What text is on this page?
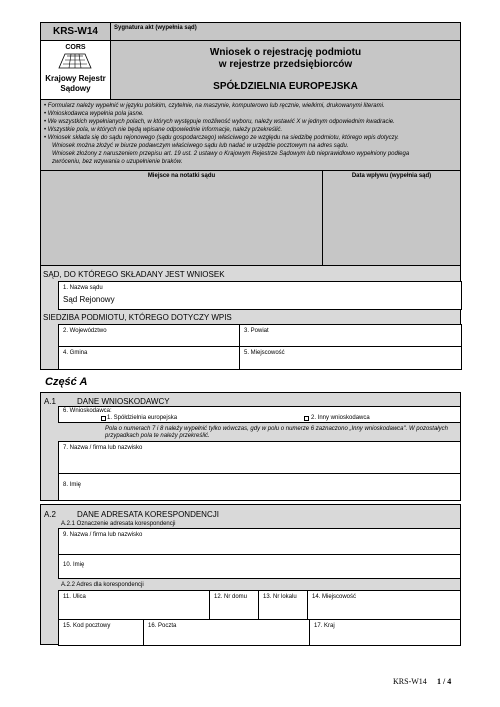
KRS-W14	Sygnatura akt (wypełnia sąd)
CORS
Krajowy Rejestr
Sądowy
Wniosek o rejestrację podmiotu
w rejestrze przedsiębiorców
SPÓŁDZIELNIA EUROPEJSKA
• Formularz należy wypełnić w języku polskim, czytelnie, na maszynie, komputerowo lub ręcznie, wielkimi, drukowanymi literami.
• Wnioskodawca wypełnia pola jasne.
• We wszystkich wypełnianych polach, w których występuje możliwość wyboru, należy wstawić X w jednym odpowiednim kwadracie.
• Wszystkie pola, w których nie będą wpisane odpowiednie informacje, należy przekreślić.
• Wniosek składa się do sądu rejonowego (sądu gospodarczego) właściwego ze względu na siedzibę podmiotu, którego wpis dotyczy.
Wniosek można złożyć w biurze podawczym właściwego sądu lub nadać w urzędzie pocztowym na adres sądu.
Wniosek złożony z naruszeniem przepisu art. 19 ust. 2 ustawy o Krajowym Rejestrze Sądowym lub nieprawidłowo wypełniony podlega
zwróceniu, bez wzywania o uzupełnienie braków.
Miejsce na notatki sądu	Data wpływu (wypełnia sąd)
SĄD, DO KTÓREGO SKŁADANY JEST WNIOSEK
1. Nazwa sądu
Sąd Rejonowy
SIEDZIBA PODMIOTU, KTÓREGO DOTYCZY WPIS
2. Województwo	3. Powiat
4. Gmina	5. Miejscowość
Część A
A.1	DANE WNIOSKODAWCY
6. Wnioskodawca:
1. Spółdzielnia europejska	2. Inny wnioskodawca
Pola o numerach 7 i 8 należy wypełnić tylko wówczas, gdy w polu o numerze 6 zaznaczono „Inny wnioskodawca". W pozostałych przypadkach pola te należy przekreślić.
7. Nazwa / firma lub nazwisko
8. Imię
A.2	DANE ADRESATA KORESPONDENCJI
A.2.1 Oznaczenie adresata korespondencji
9. Nazwa / firma lub nazwisko
10. Imię
A.2.2 Adres dla korespondencji
11. Ulica	12. Nr domu	13. Nr lokalu	14. Miejscowość
15. Kod pocztowy	16. Poczta	17. Kraj
KRS-W14 1 / 4
